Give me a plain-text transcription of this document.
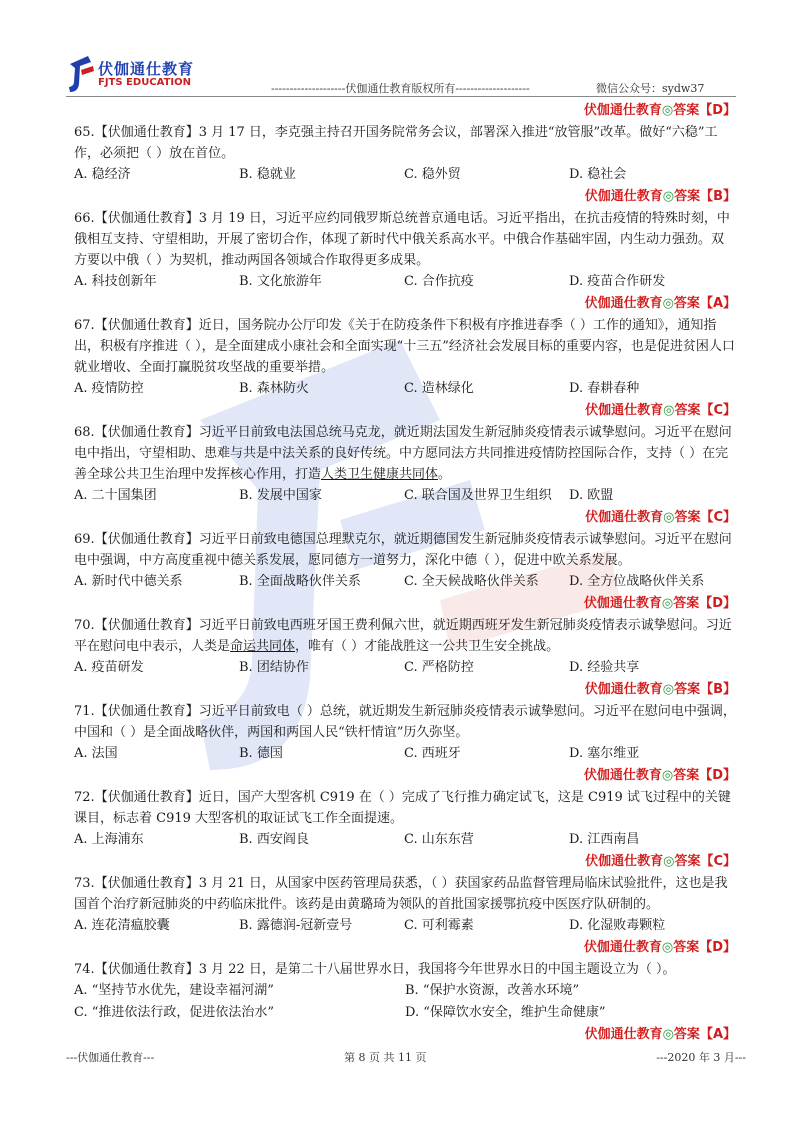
伏伽通仕教育
FJTS EDUCATION	--------------------伏伽通仕教育版权所有--------------------	微信公众号：sydw37
伏伽通仕教育◎答案【D】

65.【伏伽通仕教育】3 月 17 日，李克强主持召开国务院常务会议，部署深入推进“放管服”改革。做好“六稳”工作，必须把（ ）放在首位。

A. 稳经济	B. 稳就业	C. 稳外贸	D. 稳社会
伏伽通仕教育◎答案【B】

66.【伏伽通仕教育】3 月 19 日，习近平应约同俄罗斯总统普京通电话。习近平指出，在抗击疫情的特殊时刻，中俄相互支持、守望相助，开展了密切合作，体现了新时代中俄关系高水平。中俄合作基础牢固，内生动力强劲。双方要以中俄（ ）为契机，推动两国各领域合作取得更多成果。

A. 科技创新年	B. 文化旅游年	C. 合作抗疫	D. 疫苗合作研发
伏伽通仕教育◎答案【A】

67.【伏伽通仕教育】近日，国务院办公厅印发《关于在防疫条件下积极有序推进春季（ ）工作的通知》，通知指出，积极有序推进（ ），是全面建成小康社会和全面实现“十三五”经济社会发展目标的重要内容，也是促进贫困人口就业增收、全面打赢脱贫攻坚战的重要举措。

A. 疫情防控	B. 森林防火	C. 造林绿化	D. 春耕春种
伏伽通仕教育◎答案【C】

68.【伏伽通仕教育】习近平日前致电法国总统马克龙，就近期法国发生新冠肺炎疫情表示诚挚慰问。习近平在慰问电中指出，守望相助、患难与共是中法关系的良好传统。中方愿同法方共同推进疫情防控国际合作，支持（ ）在完善全球公共卫生治理中发挥核心作用，打造人类卫生健康共同体。

A. 二十国集团	B. 发展中国家	C. 联合国及世界卫生组织	D. 欧盟
伏伽通仕教育◎答案【C】

69.【伏伽通仕教育】习近平日前致电德国总理默克尔，就近期德国发生新冠肺炎疫情表示诚挚慰问。习近平在慰问电中强调，中方高度重视中德关系发展，愿同德方一道努力，深化中德（ ），促进中欧关系发展。

A. 新时代中德关系	B. 全面战略伙伴关系	C. 全天候战略伙伴关系	D. 全方位战略伙伴关系
伏伽通仕教育◎答案【D】

70.【伏伽通仕教育】习近平日前致电西班牙国王费利佩六世，就近期西班牙发生新冠肺炎疫情表示诚挚慰问。习近平在慰问电中表示，人类是命运共同体，唯有（ ）才能战胜这一公共卫生安全挑战。

A. 疫苗研发	B. 团结协作	C. 严格防控	D. 经验共享
伏伽通仕教育◎答案【B】

71.【伏伽通仕教育】习近平日前致电（ ）总统，就近期发生新冠肺炎疫情表示诚挚慰问。习近平在慰问电中强调，中国和（ ）是全面战略伙伴，两国和两国人民“铁杆情谊”历久弥坚。

A. 法国	B. 德国	C. 西班牙	D. 塞尔维亚
伏伽通仕教育◎答案【D】

72.【伏伽通仕教育】近日，国产大型客机 C919 在（ ）完成了飞行推力确定试飞，这是 C919 试飞过程中的关键课目，标志着 C919 大型客机的取证试飞工作全面提速。

A. 上海浦东	B. 西安阎良	C. 山东东营	D. 江西南昌
伏伽通仕教育◎答案【C】

73.【伏伽通仕教育】3 月 21 日，从国家中医药管理局获悉，（ ）获国家药品监督管理局临床试验批件，这也是我国首个治疗新冠肺炎的中药临床批件。该药是由黄璐琦为领队的首批国家援鄂抗疫中医医疗队研制的。

A. 连花清瘟胶囊	B. 露德润-冠新壹号	C. 可利霉素	D. 化湿败毒颗粒
伏伽通仕教育◎答案【D】

74.【伏伽通仕教育】3 月 22 日，是第二十八届世界水日，我国将今年世界水日的中国主题设立为（ ）。

A. “坚持节水优先，建设幸福河湖”	B. “保护水资源，改善水环境”
C. “推进依法行政，促进依法治水”	D. “保障饮水安全，维护生命健康”
伏伽通仕教育◎答案【A】
---伏伽通仕教育---	第 8 页 共 11 页	---2020 年 3 月---
